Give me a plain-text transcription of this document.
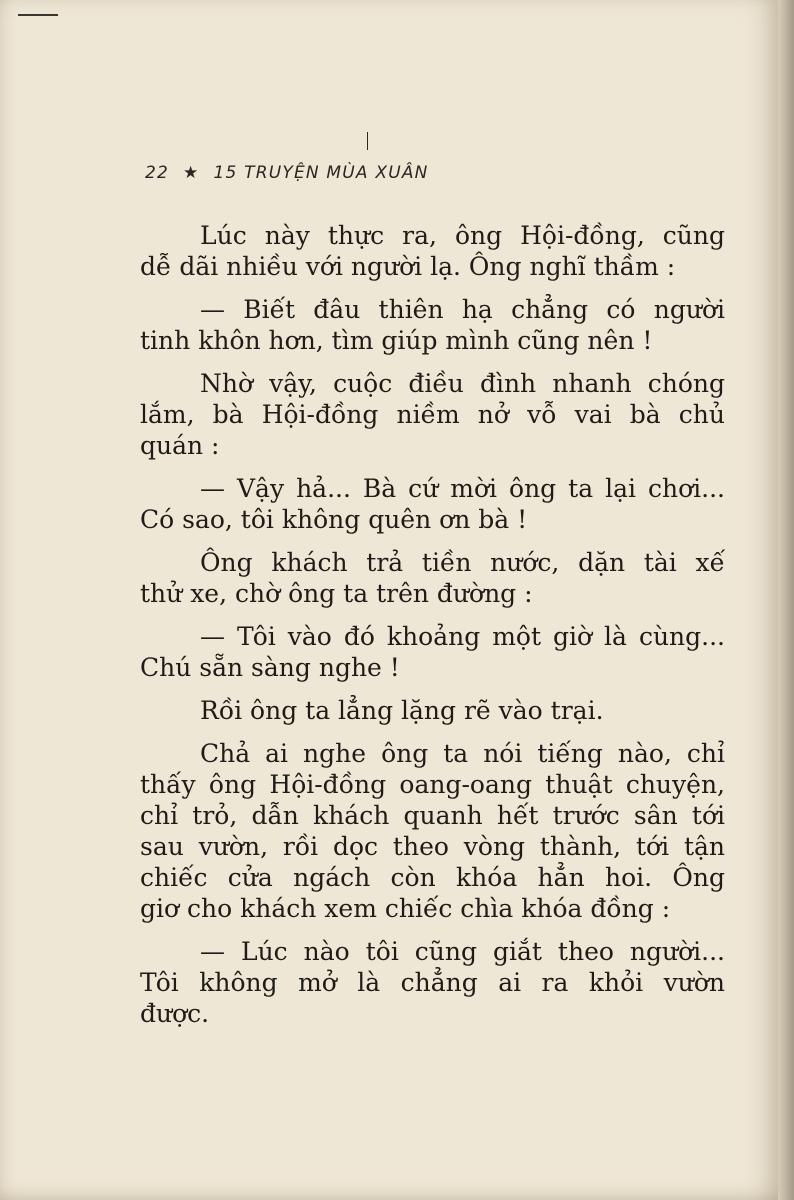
22 ★ 15 TRUYỆN MÙA XUÂN
Lúc này thực ra, ông Hội-đồng, cũng
dễ dãi nhiều với người lạ. Ông nghĩ thầm :
— Biết đâu thiên hạ chẳng có người
tinh khôn hơn, tìm giúp mình cũng nên !
Nhờ vậy, cuộc điều đình nhanh chóng
lắm, bà Hội-đồng niềm nở vỗ vai bà chủ
quán :
— Vậy hả... Bà cứ mời ông ta lại chơi...
Có sao, tôi không quên ơn bà !
Ông khách trả tiền nước, dặn tài xế
thử xe, chờ ông ta trên đường :
— Tôi vào đó khoảng một giờ là cùng...
Chú sẵn sàng nghe !
Rồi ông ta lẳng lặng rẽ vào trại.
Chả ai nghe ông ta nói tiếng nào, chỉ
thấy ông Hội-đồng oang-oang thuật chuyện,
chỉ trỏ, dẫn khách quanh hết trước sân tới
sau vườn, rồi dọc theo vòng thành, tới tận
chiếc cửa ngách còn khóa hẳn hoi. Ông
giơ cho khách xem chiếc chìa khóa đồng :
— Lúc nào tôi cũng giắt theo người...
Tôi không mở là chẳng ai ra khỏi vườn
được.
